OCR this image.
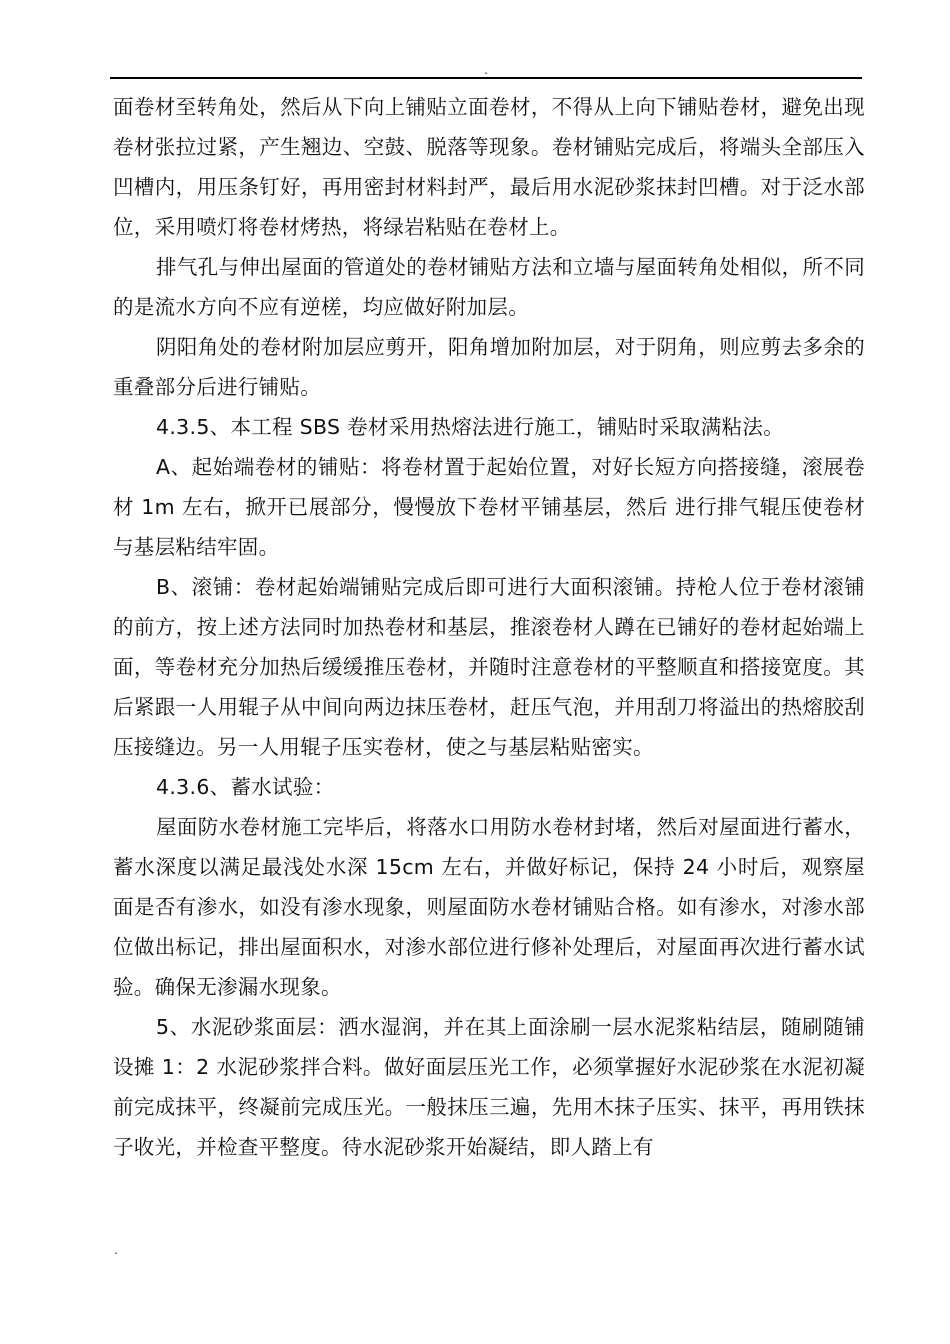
.

面卷材至转角处，然后从下向上铺贴立面卷材，不得从上向下铺贴卷材，避免出现卷材张拉过紧，产生翘边、空鼓、脱落等现象。卷材铺贴完成后，将端头全部压入凹槽内，用压条钉好，再用密封材料封严，最后用水泥砂浆抹封凹槽。对于泛水部位，采用喷灯将卷材烤热，将绿岩粘贴在卷材上。

排气孔与伸出屋面的管道处的卷材铺贴方法和立墙与屋面转角处相似，所不同的是流水方向不应有逆槎，均应做好附加层。

阴阳角处的卷材附加层应剪开，阳角增加附加层，对于阴角，则应剪去多余的重叠部分后进行铺贴。

4.3.5、本工程 SBS 卷材采用热熔法进行施工，铺贴时采取满粘法。

A、起始端卷材的铺贴：将卷材置于起始位置，对好长短方向搭接缝，滚展卷材 1m 左右，掀开已展部分，慢慢放下卷材平铺基层，然后 进行排气辊压使卷材与基层粘结牢固。

B、滚铺：卷材起始端铺贴完成后即可进行大面积滚铺。持枪人位于卷材滚铺的前方，按上述方法同时加热卷材和基层，推滚卷材人蹲在已铺好的卷材起始端上面，等卷材充分加热后缓缓推压卷材，并随时注意卷材的平整顺直和搭接宽度。其后紧跟一人用辊子从中间向两边抹压卷材，赶压气泡，并用刮刀将溢出的热熔胶刮压接缝边。另一人用辊子压实卷材，使之与基层粘贴密实。

4.3.6、蓄水试验：

屋面防水卷材施工完毕后，将落水口用防水卷材封堵，然后对屋面进行蓄水，蓄水深度以满足最浅处水深 15cm 左右，并做好标记，保持 24 小时后，观察屋面是否有渗水，如没有渗水现象，则屋面防水卷材铺贴合格。如有渗水，对渗水部位做出标记，排出屋面积水，对渗水部位进行修补处理后，对屋面再次进行蓄水试验。确保无渗漏水现象。

5、水泥砂浆面层：洒水湿润，并在其上面涂刷一层水泥浆粘结层，随刷随铺设摊 1：2 水泥砂浆拌合料。做好面层压光工作，必须掌握好水泥砂浆在水泥初凝前完成抹平，终凝前完成压光。一般抹压三遍，先用木抹子压实、抹平，再用铁抹子收光，并检查平整度。待水泥砂浆开始凝结，即人踏上有

.
